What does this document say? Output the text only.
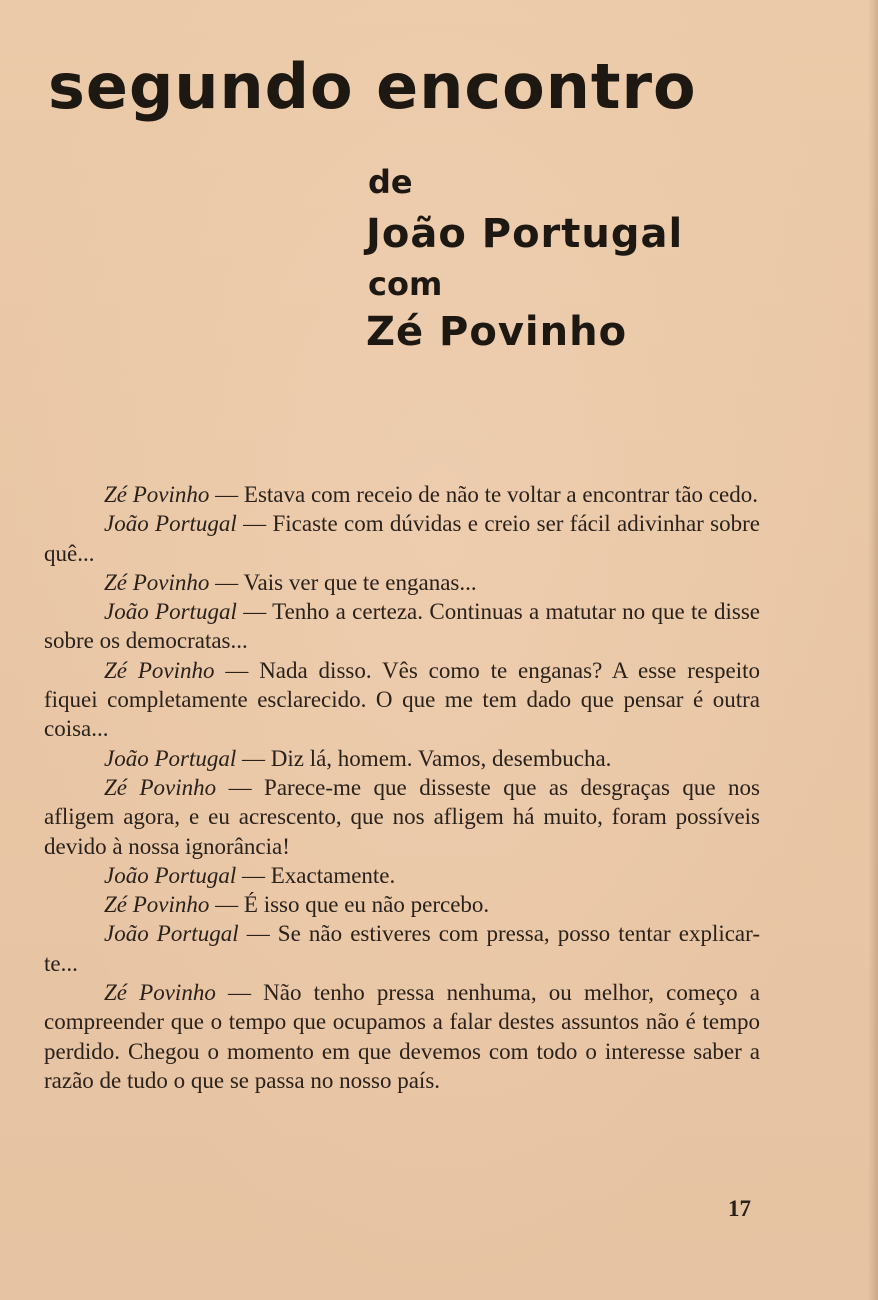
segundo encontro

de

João Portugal

com

Zé Povinho

Zé Povinho — Estava com receio de não te voltar a encontrar tão cedo.

João Portugal — Ficaste com dúvidas e creio ser fácil adivinhar sobre quê...

Zé Povinho — Vais ver que te enganas...

João Portugal — Tenho a certeza. Continuas a matutar no que te disse sobre os democratas...

Zé Povinho — Nada disso. Vês como te enganas? A esse respeito fiquei completamente esclarecido. O que me tem dado que pensar é outra coisa...

João Portugal — Diz lá, homem. Vamos, desembucha.

Zé Povinho — Parece-me que disseste que as desgraças que nos afligem agora, e eu acrescento, que nos afligem há muito, foram possíveis devido à nossa ignorância!

João Portugal — Exactamente.

Zé Povinho — É isso que eu não percebo.

João Portugal — Se não estiveres com pressa, posso tentar explicar-te...

Zé Povinho — Não tenho pressa nenhuma, ou melhor, começo a compreender que o tempo que ocupamos a falar destes assuntos não é tempo perdido. Chegou o momento em que devemos com todo o interesse saber a razão de tudo o que se passa no nosso país.

17
